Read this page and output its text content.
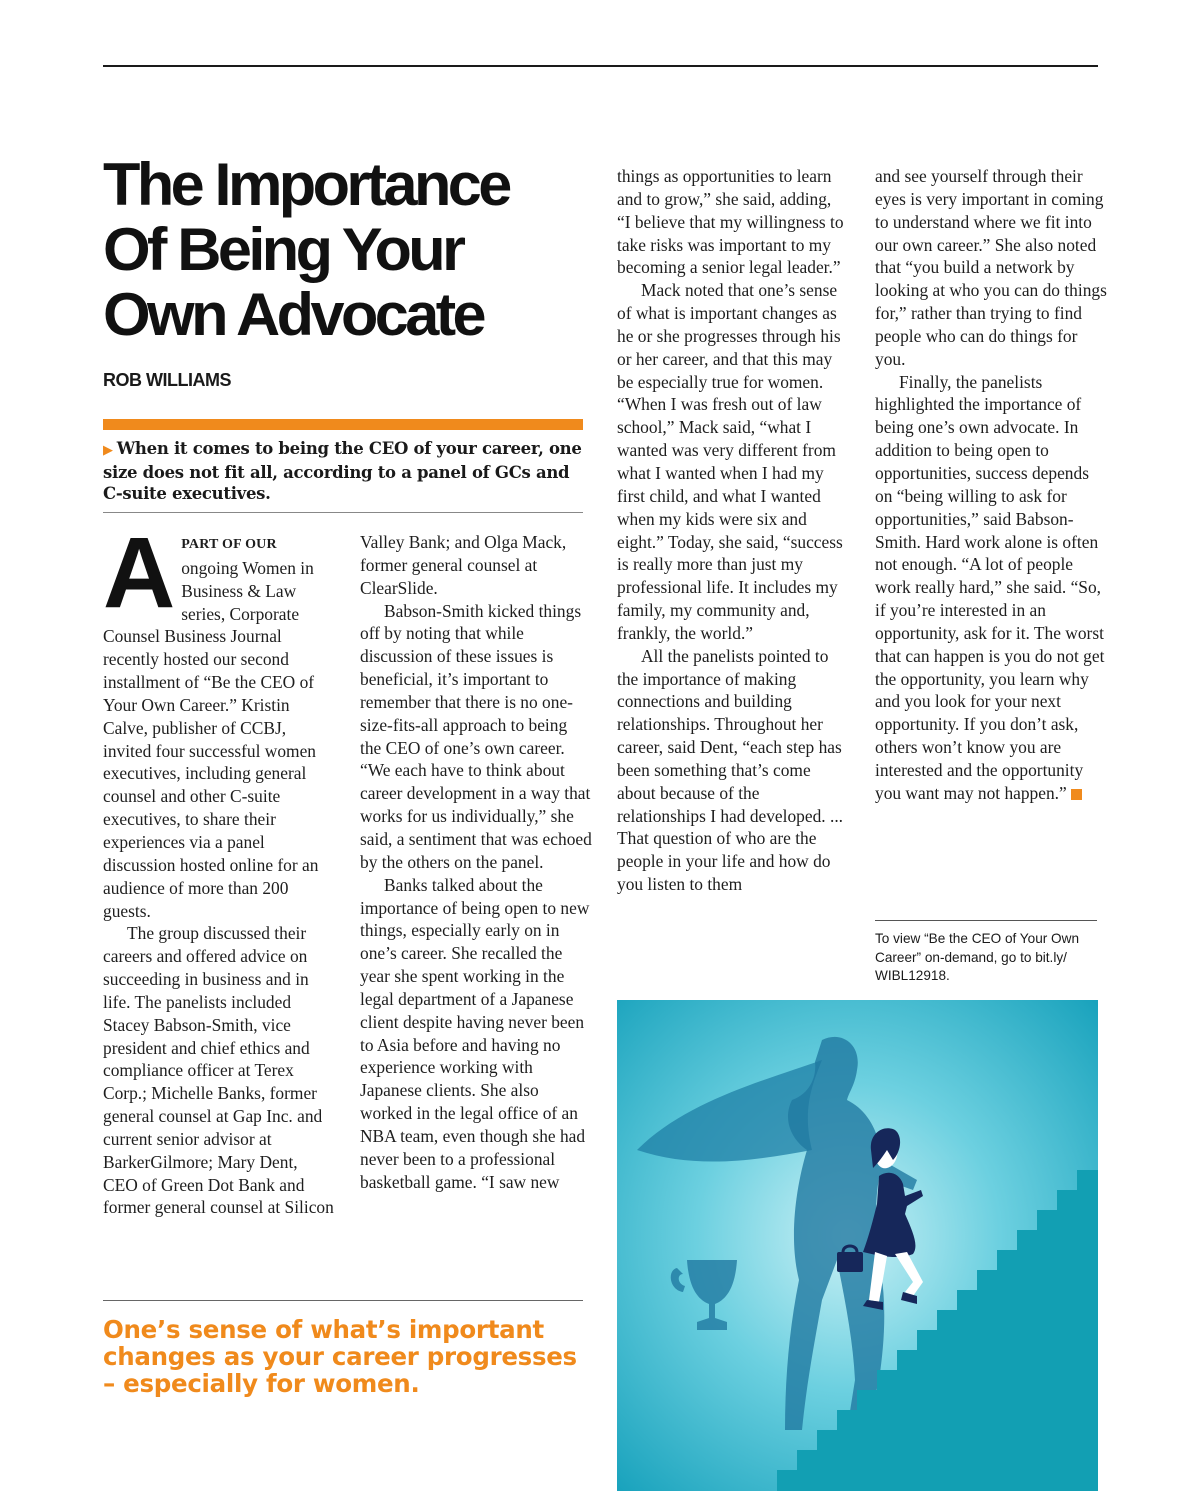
The Importance
Of Being Your
Own Advocate
ROB WILLIAMS
▶ When it comes to being the CEO of your career, one size does not fit all, according to a panel of GCs and C-suite executives.
A PART OF OUR
ongoing Women in Business & Law series, Corporate Counsel Business Journal recently hosted our second installment of “Be the CEO of Your Own Career.” Kristin Calve, publisher of CCBJ, invited four successful women executives, including general counsel and other C-suite executives, to share their experiences via a panel discussion hosted online for an audience of more than 200 guests.

The group discussed their careers and offered advice on succeeding in business and in life. The panelists included Stacey Babson-Smith, vice president and chief ethics and compliance officer at Terex Corp.; Michelle Banks, former general counsel at Gap Inc. and current senior advisor at BarkerGilmore; Mary Dent, CEO of Green Dot Bank and former general counsel at Silicon

Valley Bank; and Olga Mack, former general counsel at ClearSlide.

Babson-Smith kicked things off by noting that while discussion of these issues is beneficial, it’s important to remember that there is no one-size-fits-all approach to being the CEO of one’s own career. “We each have to think about career development in a way that works for us individually,” she said, a sentiment that was echoed by the others on the panel.

Banks talked about the importance of being open to new things, especially early on in one’s career. She recalled the year she spent working in the legal department of a Japanese client despite having never been to Asia before and having no experience working with Japanese clients. She also worked in the legal office of an NBA team, even though she had never been to a professional basketball game. “I saw new

things as opportunities to learn and to grow,” she said, adding, “I believe that my willingness to take risks was important to my becoming a senior legal leader.”

Mack noted that one’s sense of what is important changes as he or she progresses through his or her career, and that this may be especially true for women. “When I was fresh out of law school,” Mack said, “what I wanted was very different from what I wanted when I had my first child, and what I wanted when my kids were six and eight.” Today, she said, “success is really more than just my professional life. It includes my family, my community and, frankly, the world.”

All the panelists pointed to the importance of making connections and building relationships. Throughout her career, said Dent, “each step has been something that’s come about because of the relationships I had developed. ... That question of who are the people in your life and how do you listen to them

and see yourself through their eyes is very important in coming to understand where we fit into our own career.” She also noted that “you build a network by looking at who you can do things for,” rather than trying to find people who can do things for you.

Finally, the panelists highlighted the importance of being one’s own advocate. In addition to being open to opportunities, success depends on “being willing to ask for opportunities,” said Babson-Smith. Hard work alone is often not enough. “A lot of people work really hard,” she said. “So, if you’re interested in an opportunity, ask for it. The worst that can happen is you do not get the opportunity, you learn why and you look for your next opportunity. If you don’t ask, others won’t know you are interested and the opportunity you want may not happen.”

One’s sense of what’s important changes as your career progresses – especially for women.
To view “Be the CEO of Your Own Career” on-demand, go to bit.ly/ WIBL12918.
